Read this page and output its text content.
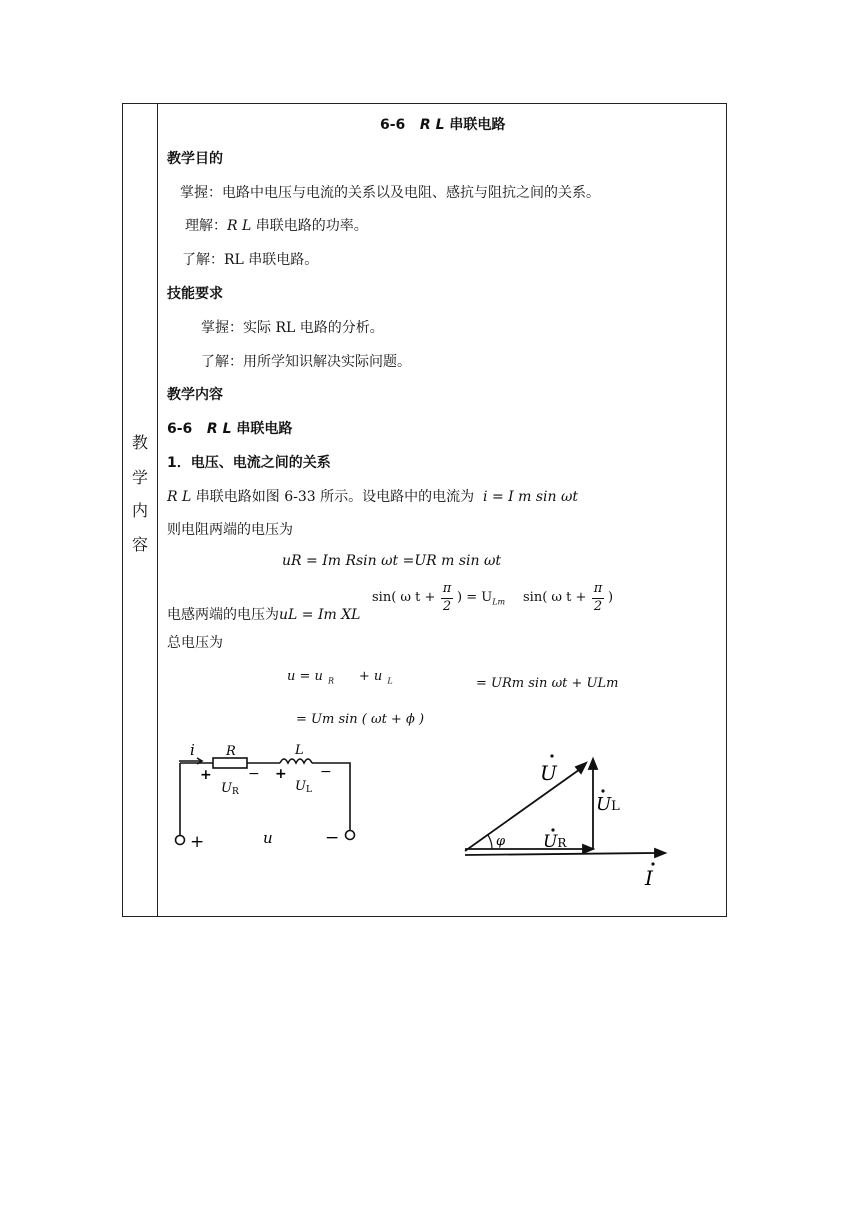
教
学
内
容
6-6 R L 串联电路
教学目的
掌握：电路中电压与电流的关系以及电阻、感抗与阻抗之间的关系。
理解：R L 串联电路的功率。
了解：RL 串联电路。
技能要求
掌握：实际 RL 电路的分析。
了解：用所学知识解决实际问题。
教学内容
6-6 R L 串联电路
1．电压、电流之间的关系
R L 串联电路如图 6-33 所示。设电路中的电流为 i = I m sin ωt
则电阻两端的电压为
uR = Im Rsin ωt =UR m sin ωt
电感两端的电压为uL = Im XL
sin( ω t +
π
2
) = $U_{Lm}$ sin( ω t +
π
2
)
总电压为
u = u $_R$ + u $_L$	= URm sin ωt + ULm
= Um sin ( ωt + ϕ )
i R	L
+	−
UR
+ −
UL
+	−
u
U
UL
UR
φ
I
